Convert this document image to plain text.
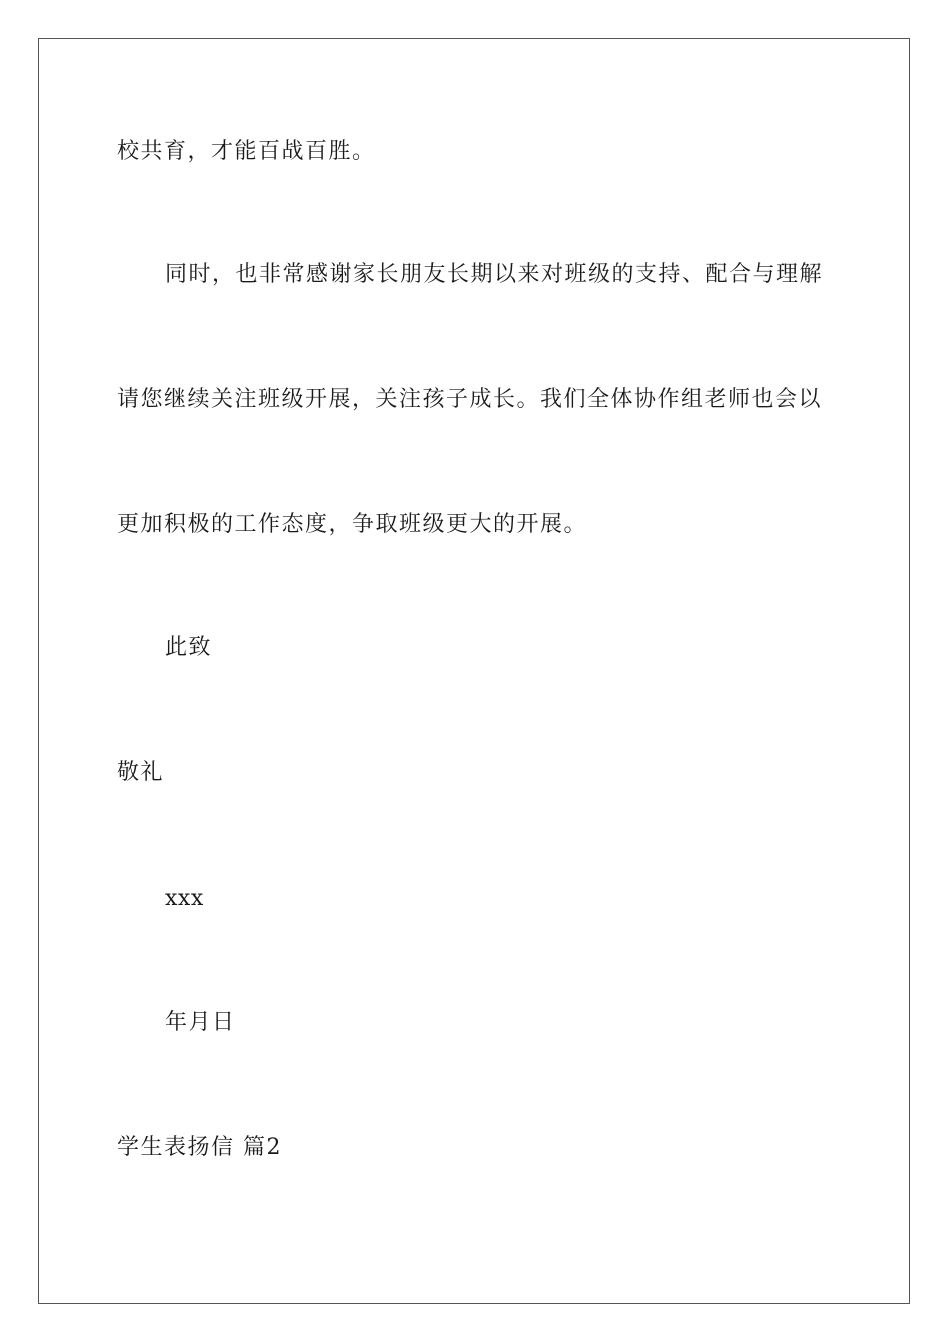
校共育，才能百战百胜。
同时，也非常感谢家长朋友长期以来对班级的支持、配合与理解
请您继续关注班级开展，关注孩子成长。我们全体协作组老师也会以
更加积极的工作态度，争取班级更大的开展。
此致
敬礼
xxx
年月日
学生表扬信 篇2
